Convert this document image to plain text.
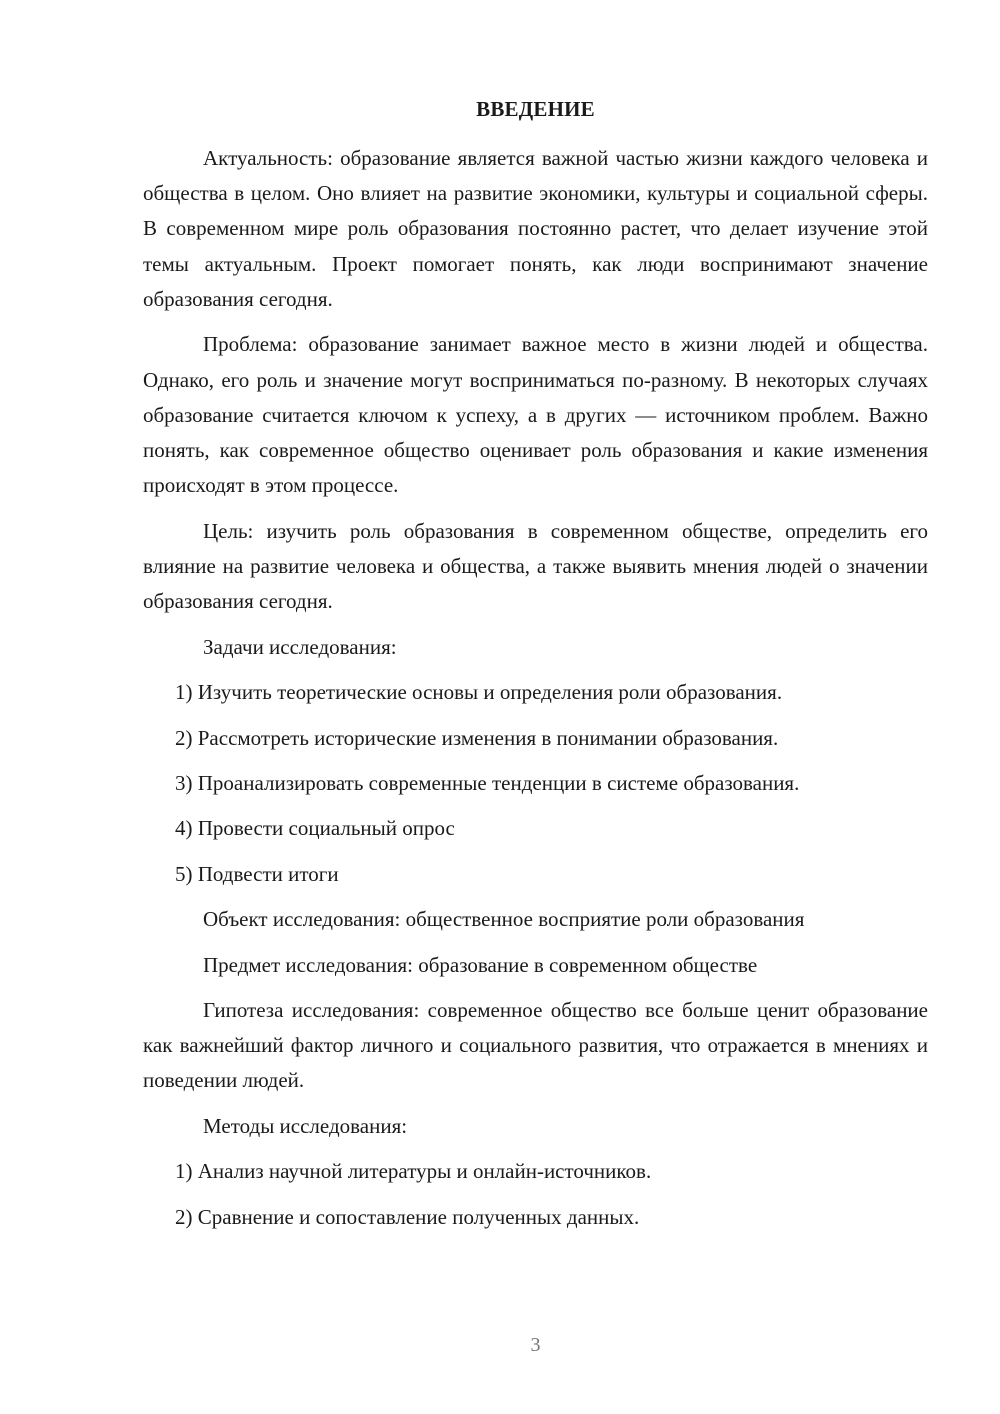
ВВЕДЕНИЕ

Актуальность: образование является важной частью жизни каждого человека и общества в целом. Оно влияет на развитие экономики, культуры и социальной сферы. В современном мире роль образования постоянно растет, что делает изучение этой темы актуальным. Проект помогает понять, как люди воспринимают значение образования сегодня.

Проблема: образование занимает важное место в жизни людей и общества. Однако, его роль и значение могут восприниматься по-разному. В некоторых случаях образование считается ключом к успеху, а в других — источником проблем. Важно понять, как современное общество оценивает роль образования и какие изменения происходят в этом процессе.

Цель: изучить роль образования в современном обществе, определить его влияние на развитие человека и общества, а также выявить мнения людей о значении образования сегодня.

Задачи исследования:
1) Изучить теоретические основы и определения роли образования.
2) Рассмотреть исторические изменения в понимании образования.
3) Проанализировать современные тенденции в системе образования.
4) Провести социальный опрос
5) Подвести итоги
Объект исследования: общественное восприятие роли образования
Предмет исследования: образование в современном обществе

Гипотеза исследования: современное общество все больше ценит образование как важнейший фактор личного и социального развития, что отражается в мнениях и поведении людей.

Методы исследования:
1) Анализ научной литературы и онлайн-источников.
2) Сравнение и сопоставление полученных данных.
3
